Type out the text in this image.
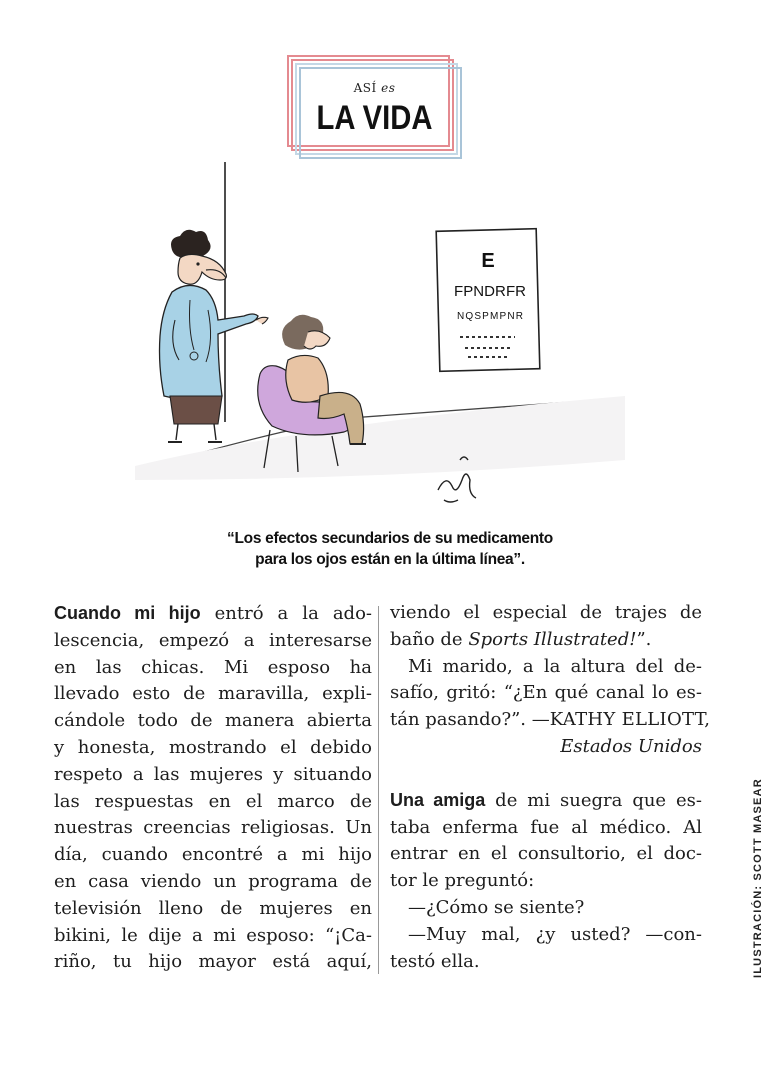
ASÍ es
LA VIDA
E
FPNDRFR
NQSPMPNR
“Los efectos secundarios de su medicamento
para los ojos están en la última línea”.
Cuando mi hijo entró a la ado-
lescencia, empezó a interesarse
en las chicas. Mi esposo ha
llevado esto de maravilla, expli-
cándole todo de manera abierta
y honesta, mostrando el debido
respeto a las mujeres y situando
las respuestas en el marco de
nuestras creencias religiosas. Un
día, cuando encontré a mi hijo
en casa viendo un programa de
televisión lleno de mujeres en
bikini, le dije a mi esposo: “¡Ca-
riño, tu hijo mayor está aquí,
viendo el especial de trajes de
baño de Sports Illustrated!”.
Mi marido, a la altura del de-
safío, gritó: “¿En qué canal lo es-
tán pasando?”. —KATHY ELLIOTT,
Estados Unidos
Una amiga de mi suegra que es-
taba enferma fue al médico. Al
entrar en el consultorio, el doc-
tor le preguntó:
—¿Cómo se siente?
—Muy mal, ¿y usted? —con-
testó ella.	ILUSTRACIÓN: SCOTT MASEAR
